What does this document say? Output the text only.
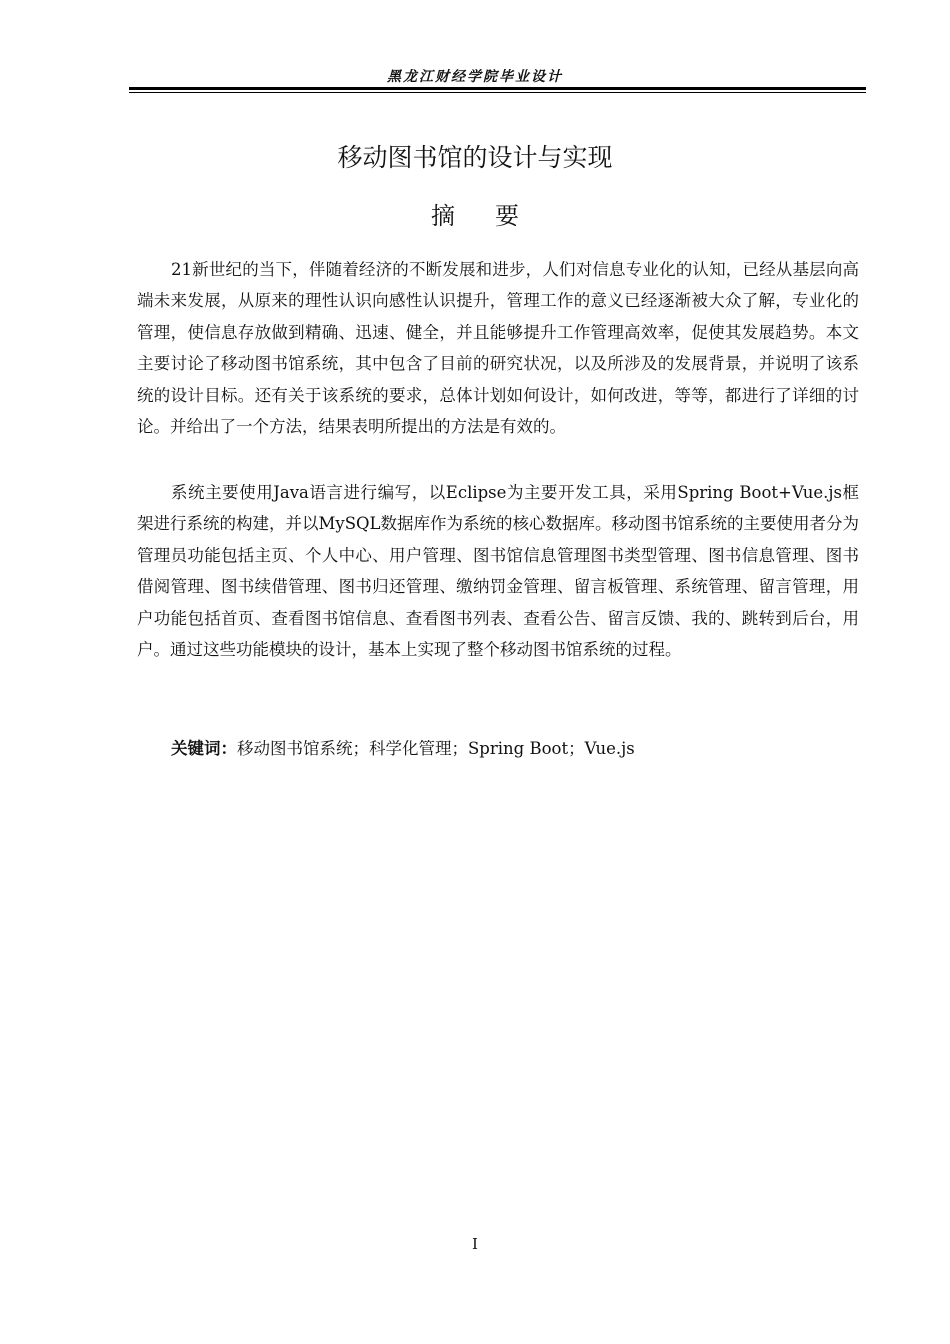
黑龙江财经学院毕业设计
移动图书馆的设计与实现
摘要

21新世纪的当下，伴随着经济的不断发展和进步，人们对信息专业化的认知，已经从基层向高端未来发展，从原来的理性认识向感性认识提升，管理工作的意义已经逐渐被大众了解，专业化的管理，使信息存放做到精确、迅速、健全，并且能够提升工作管理高效率，促使其发展趋势。本文主要讨论了移动图书馆系统，其中包含了目前的研究状况，以及所涉及的发展背景，并说明了该系统的设计目标。还有关于该系统的要求，总体计划如何设计，如何改进，等等，都进行了详细的讨论。并给出了一个方法，结果表明所提出的方法是有效的。

系统主要使用Java语言进行编写，以Eclipse为主要开发工具，采用Spring Boot+Vue.js框架进行系统的构建，并以MySQL数据库作为系统的核心数据库。移动图书馆系统的主要使用者分为管理员功能包括主页、个人中心、用户管理、图书馆信息管理图书类型管理、图书信息管理、图书借阅管理、图书续借管理、图书归还管理、缴纳罚金管理、留言板管理、系统管理、留言管理，用户功能包括首页、查看图书馆信息、查看图书列表、查看公告、留言反馈、我的、跳转到后台，用户。通过这些功能模块的设计，基本上实现了整个移动图书馆系统的过程。

关键词：移动图书馆系统；科学化管理；Spring Boot；Vue.js
I
